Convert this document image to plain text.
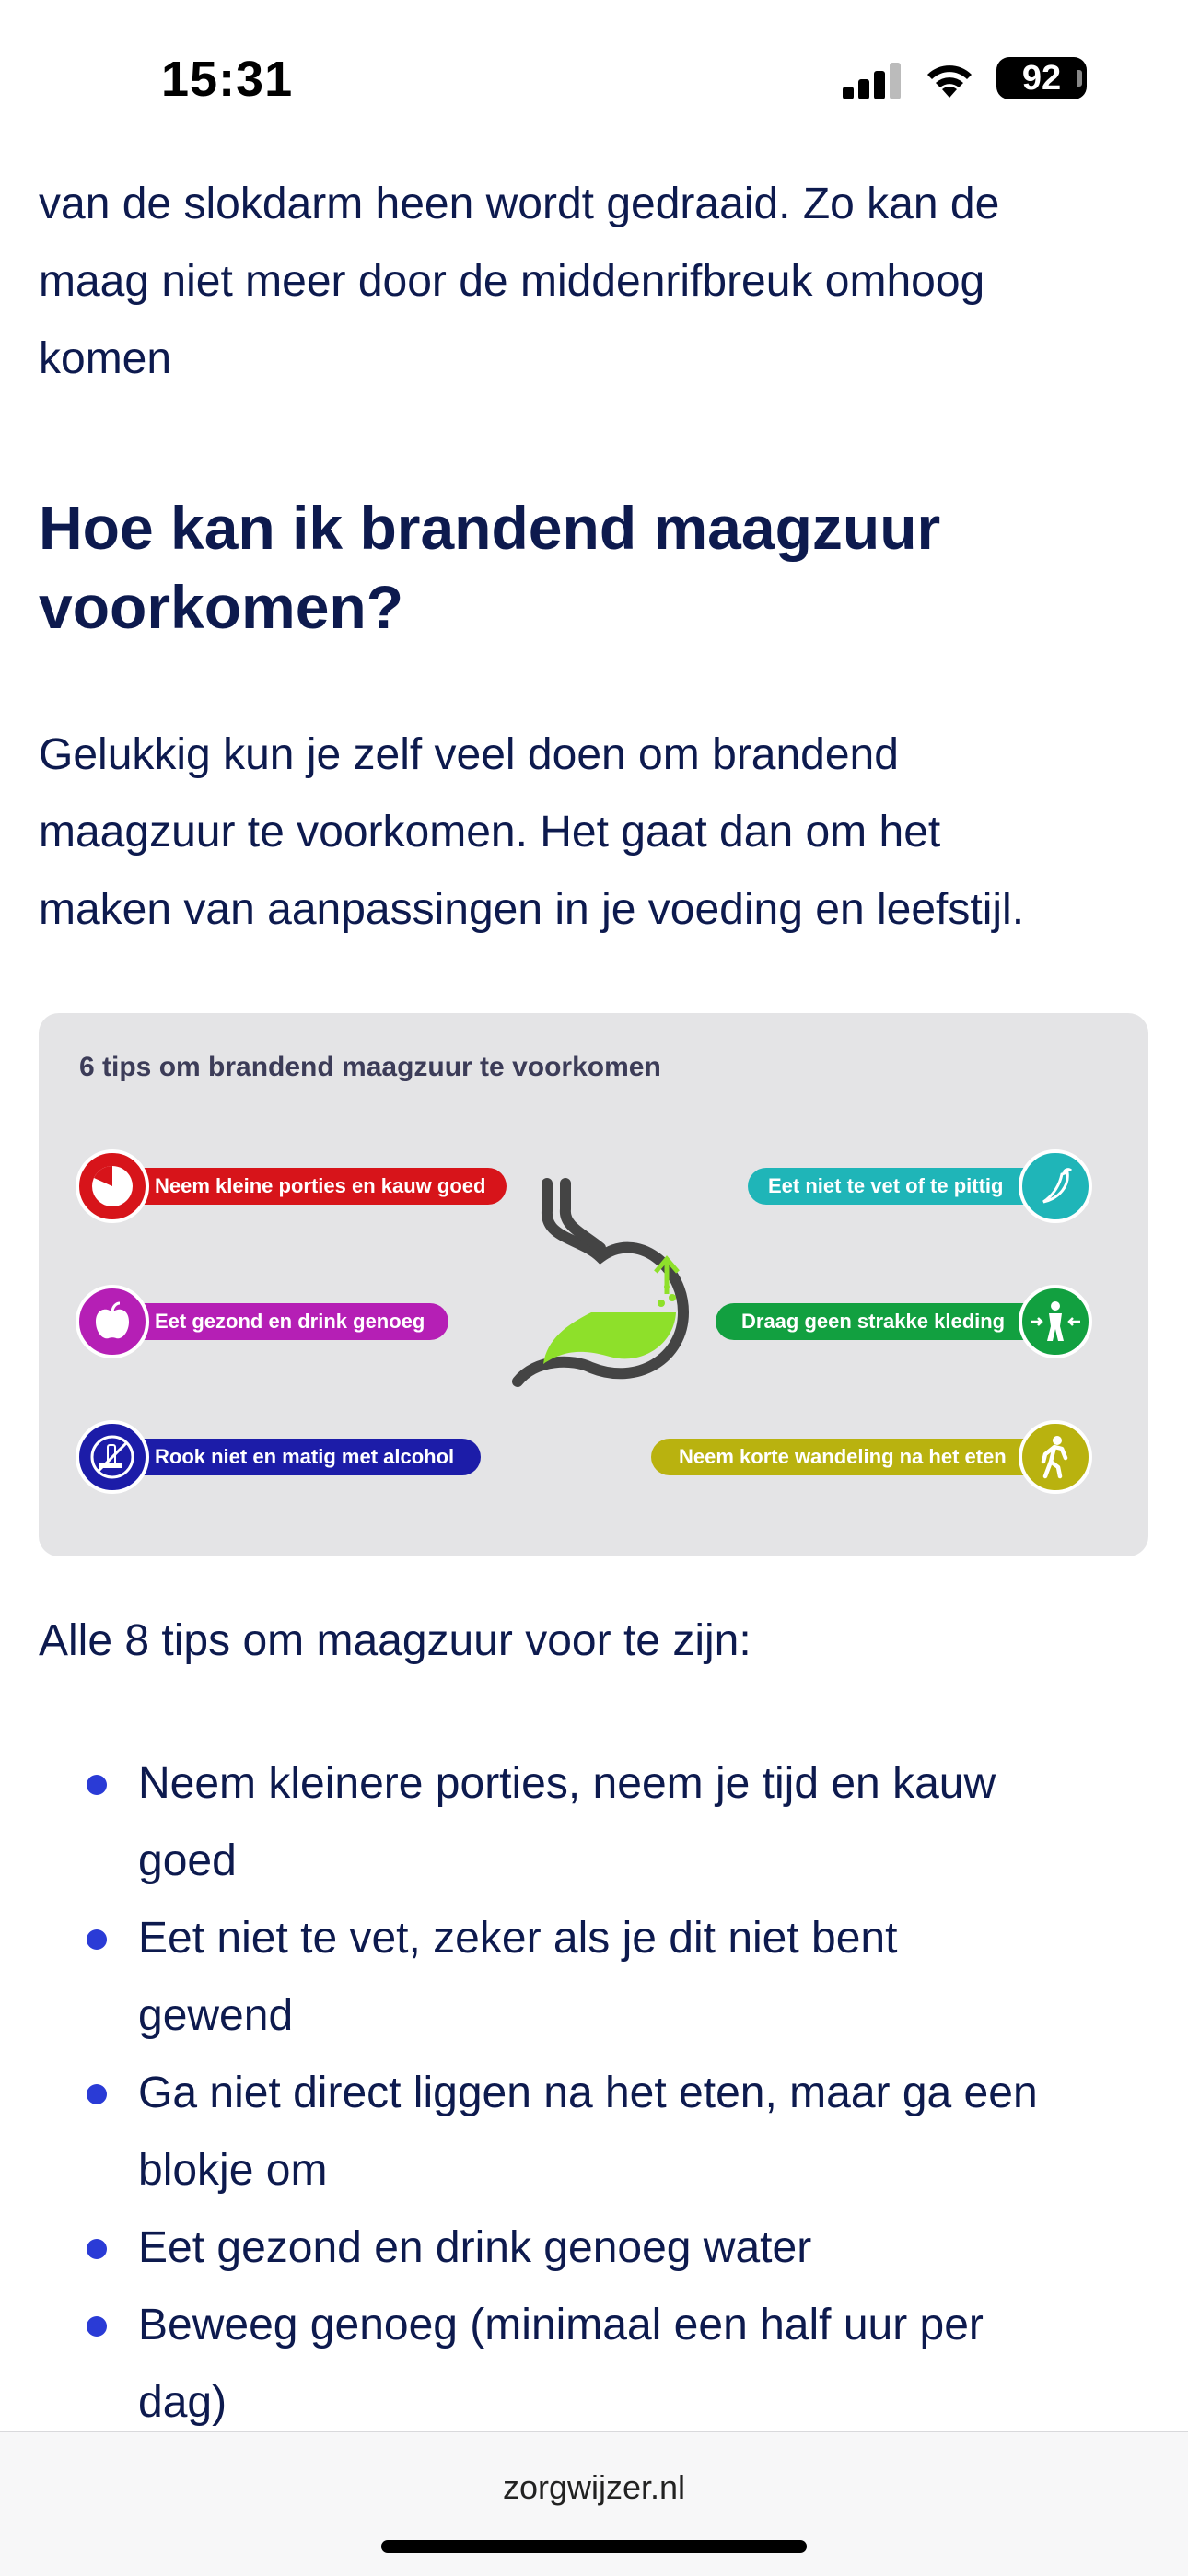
15:31	92

van de slokdarm heen wordt gedraaid. Zo kan de
maag niet meer door de middenrifbreuk omhoog
komen

Hoe kan ik brandend maagzuur
voorkomen?

Gelukkig kun je zelf veel doen om brandend
maagzuur te voorkomen. Het gaat dan om het
maken van aanpassingen in je voeding en leefstijl.

6 tips om brandend maagzuur te voorkomen
Neem kleine porties en kauw goed
Eet gezond en drink genoeg
Rook niet en matig met alcohol
Eet niet te vet of te pittig
Draag geen strakke kleding
Neem korte wandeling na het eten

Alle 8 tips om maagzuur voor te zijn:

Neem kleinere porties, neem je tijd en kauw
goed
Eet niet te vet, zeker als je dit niet bent
gewend
Ga niet direct liggen na het eten, maar ga een
blokje om
Eet gezond en drink genoeg water
Beweeg genoeg (minimaal een half uur per
dag)
zorgwijzer.nl
